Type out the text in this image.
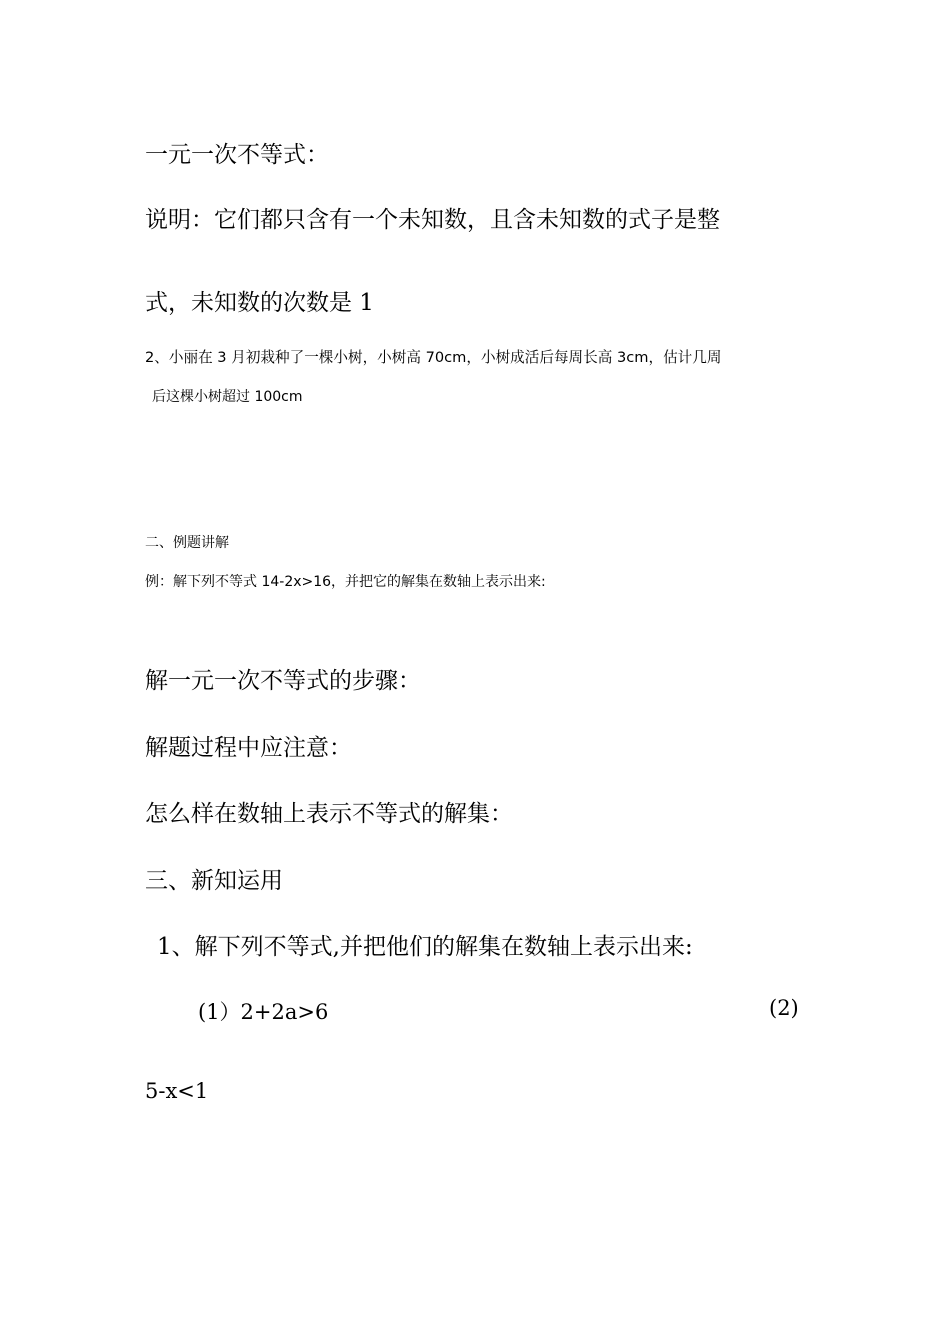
一元一次不等式：

说明：它们都只含有一个未知数，且含未知数的式子是整

式，未知数的次数是 1

2、小丽在 3 月初栽种了一棵小树，小树高 70cm，小树成活后每周长高 3cm，估计几周

后这棵小树超过 100cm

二、例题讲解

例：解下列不等式 14-2x>16，并把它的解集在数轴上表示出来:

解一元一次不等式的步骤：

解题过程中应注意：

怎么样在数轴上表示不等式的解集：

三、新知运用

1、解下列不等式,并把他们的解集在数轴上表示出来:

(1）2+2a>6	(2)

5-x<1
